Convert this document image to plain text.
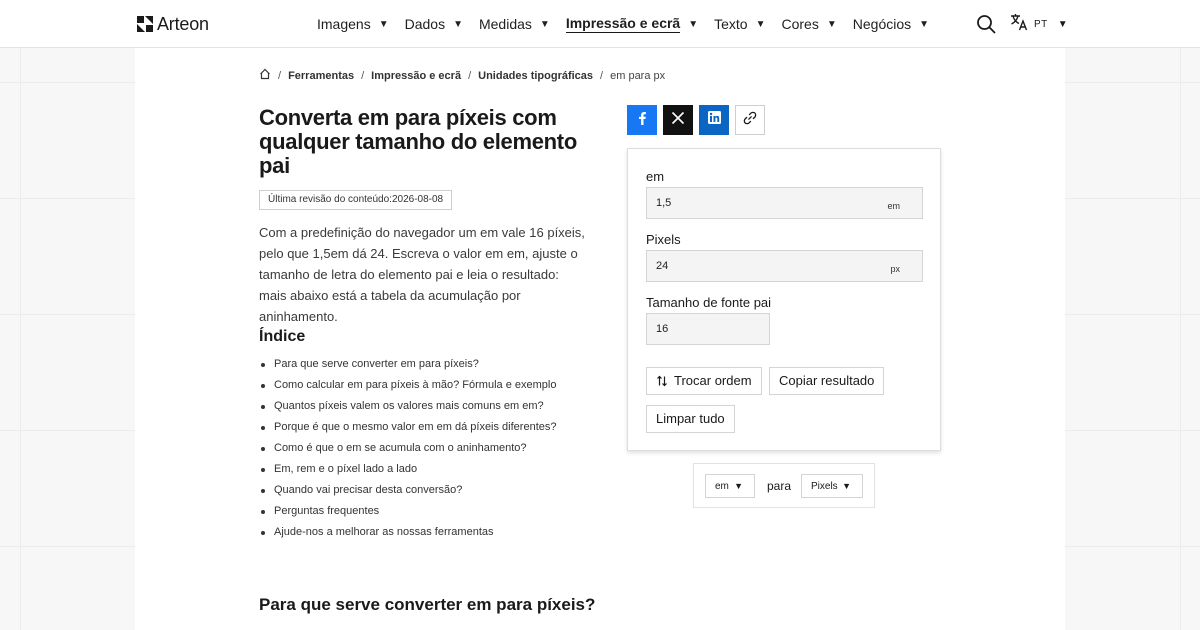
Arteon	Imagens ▼ Dados ▼ Medidas ▼ Impressão e ecrã ▼ Texto ▼ Cores ▼ Negócios ▼	PT ▼
/ Ferramentas / Impressão e ecrã / Unidades tipográficas / em para px
Converta em para píxeis com qualquer tamanho do elemento pai
Última revisão do conteúdo:2026-08-08

Com a predefinição do navegador um em vale 16 píxeis, pelo que 1,5em dá 24. Escreva o valor em em, ajuste o tamanho de letra do elemento pai e leia o resultado: mais abaixo está a tabela da acumulação por aninhamento.

Índice
Para que serve converter em para píxeis?
Como calcular em para píxeis à mão? Fórmula e exemplo
Quantos píxeis valem os valores mais comuns em em?
Porque é que o mesmo valor em em dá píxeis diferentes?
Como é que o em se acumula com o aninhamento?
Em, rem e o píxel lado a lado
Quando vai precisar desta conversão?
Perguntas frequentes
Ajude-nos a melhorar as nossas ferramentas
Para que serve converter em para píxeis?
em
1,5	em
Pixels
24	px
Tamanho de fonte pai
16
Trocar ordem Copiar resultado
Limpar tudo
em ▼ para Pixels ▼
